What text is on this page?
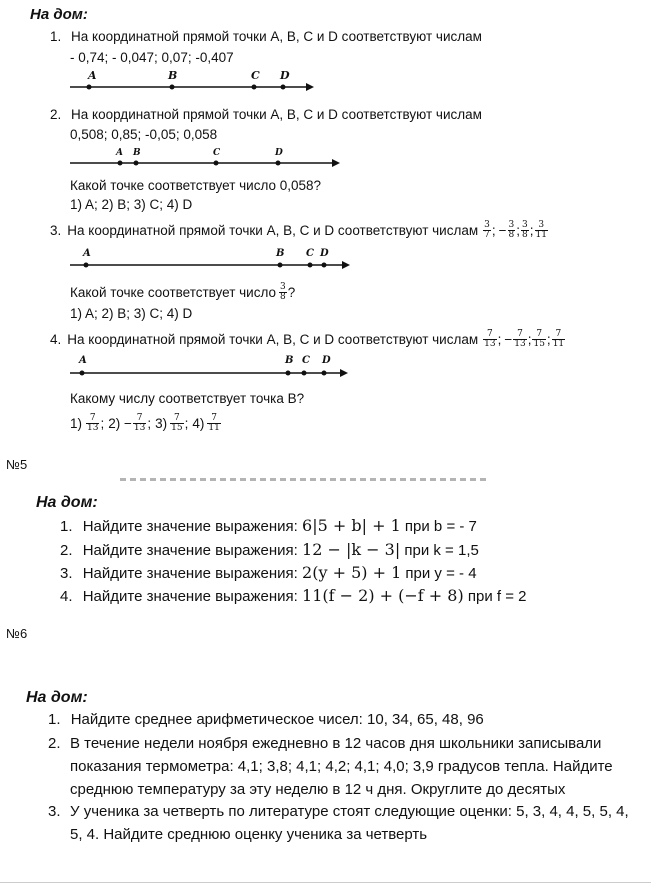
На дом:
1. На координатной прямой точки A, B, C и D соответствуют числам
- 0,74; - 0,047; 0,07; -0,407
A	B	C D
2. На координатной прямой точки A, B, C и D соответствуют числам
0,508; 0,85; -0,05; 0,058
A B	C	D
Какой точке соответствует число 0,058?
1) A; 2) B; 3) C; 4) D
3. На координатной прямой точки A, B, C и D соответствуют числам $\frac{3}{7}$ ; − $\frac{3}{8}$ ; $\frac{3}{8}$ ; $\frac{3}{11}$
A	B C D
Какой точке соответствует число $\frac{3}{8}$ ?
1) A; 2) B; 3) C; 4) D
4. На координатной прямой точки A, B, C и D соответствуют числам $\frac{7}{13}$ ; − $\frac{7}{13}$ ; $\frac{7}{15}$ ; $\frac{7}{11}$
A	B C D
Какому числу соответствует точка B?
$1) \frac{7}{13}$ ; $2) - \frac{7}{13}$ ; $3) \frac{7}{15}$ ; $4) \frac{7}{11}$
№5
На дом:
1. Найдите значение выражения: 6|5 + b| + 1 при b = - 7
2. Найдите значение выражения: 12 − |k − 3| при k = 1,5
3. Найдите значение выражения: 2(y + 5) + 1 при y = - 4
4. Найдите значение выражения: 11(f − 2) + (−f + 8) при f = 2
№6
На дом:
1. Найдите среднее арифметическое чисел: 10, 34, 65, 48, 96
2. В течение недели ноября ежедневно в 12 часов дня школьники записывали
показания термометра: 4,1; 3,8; 4,1; 4,2; 4,1; 4,0; 3,9 градусов тепла. Найдите
среднюю температуру за эту неделю в 12 ч дня. Округлите до десятых
3. У ученика за четверть по литературе стоят следующие оценки: 5, 3, 4, 4, 5, 5, 4,
5, 4. Найдите среднюю оценку ученика за четверть
